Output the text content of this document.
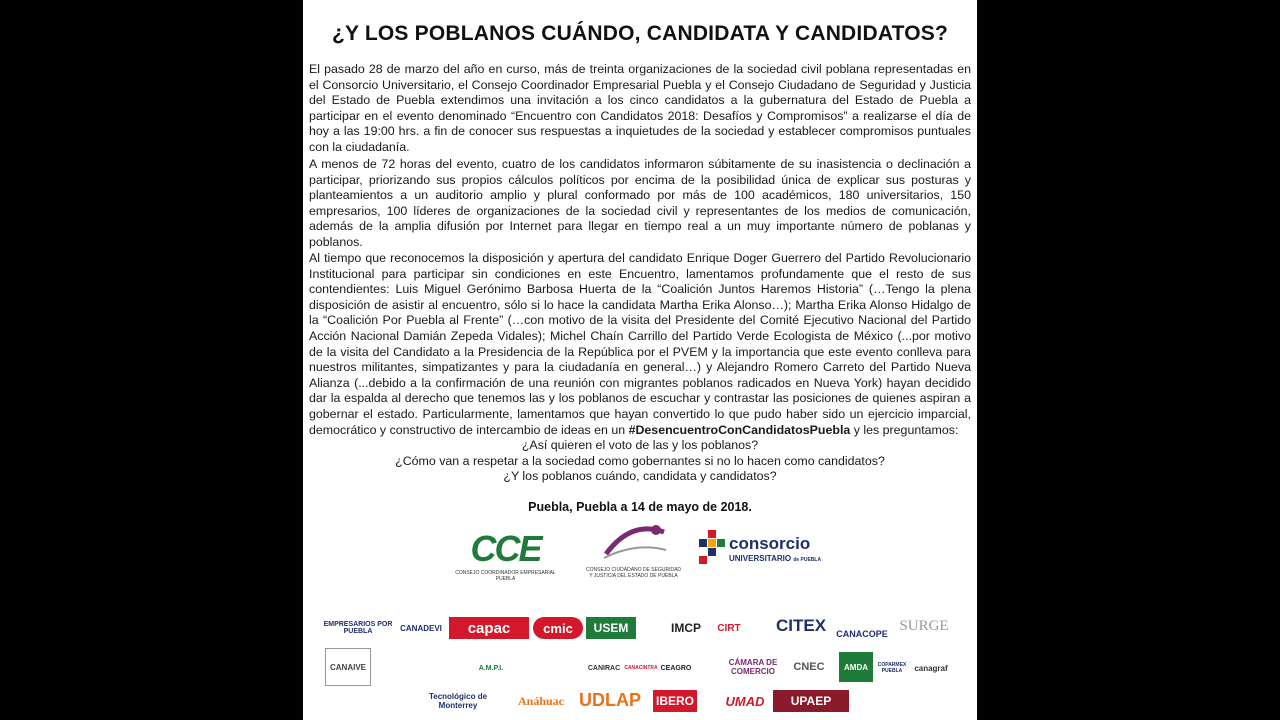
¿Y LOS POBLANOS CUÁNDO, CANDIDATA Y CANDIDATOS?
El pasado 28 de marzo del año en curso, más de treinta organizaciones de la sociedad civil poblana representadas en el Consorcio Universitario, el Consejo Coordinador Empresarial Puebla y el Consejo Ciudadano de Seguridad y Justicia del Estado de Puebla extendimos una invitación a los cinco candidatos a la gubernatura del Estado de Puebla a participar en el evento denominado “Encuentro con Candidatos 2018: Desafíos y Compromisos” a realizarse el día de hoy a las 19:00 hrs. a fin de conocer sus respuestas a inquietudes de la sociedad y establecer compromisos puntuales con la ciudadanía.
A menos de 72 horas del evento, cuatro de los candidatos informaron súbitamente de su inasistencia o declinación a participar, priorizando sus propios cálculos políticos por encima de la posibilidad única de explicar sus posturas y planteamientos a un auditorio amplio y plural conformado por más de 100 académicos, 180 universitarios, 150 empresarios, 100 líderes de organizaciones de la sociedad civil y representantes de los medios de comunicación, además de la amplia difusión por Internet para llegar en tiempo real a un muy importante número de poblanas y poblanos.
Al tiempo que reconocemos la disposición y apertura del candidato Enrique Doger Guerrero del Partido Revolucionario Institucional para participar sin condiciones en este Encuentro, lamentamos profundamente que el resto de sus contendientes: Luis Miguel Gerónimo Barbosa Huerta de la “Coalición Juntos Haremos Historia” (…Tengo la plena disposición de asistir al encuentro, sólo si lo hace la candidata Martha Erika Alonso…); Martha Erika Alonso Hidalgo de la “Coalición Por Puebla al Frente” (…con motivo de la visita del Presidente del Comité Ejecutivo Nacional del Partido Acción Nacional Damián Zepeda Vidales); Michel Chaín Carrillo del Partido Verde Ecologista de México (...por motivo de la visita del Candidato a la Presidencia de la República por el PVEM y la importancia que este evento conlleva para nuestros militantes, simpatizantes y para la ciudadanía en general…) y Alejandro Romero Carreto del Partido Nueva Alianza (...debido a la confirmación de una reunión con migrantes poblanos radicados en Nueva York) hayan decidido dar la espalda al derecho que tenemos las y los poblanos de escuchar y contrastar las posiciones de quienes aspiran a gobernar el estado. Particularmente, lamentamos que hayan convertido lo que pudo haber sido un ejercicio imparcial, democrático y constructivo de intercambio de ideas en un #DesencuentroConCandidatosPuebla y les preguntamos:
¿Así quieren el voto de las y los poblanos?
¿Cómo van a respetar a la sociedad como gobernantes si no lo hacen como candidatos?
¿Y los poblanos cuándo, candidata y candidatos?
Puebla, Puebla a 14 de mayo de 2018.
CCE
CONSEJO COORDINADOR EMPRESARIAL PUEBLA
CONSEJO CIUDADANO DE SEGURIDAD Y JUSTICIA DEL ESTADO DE PUEBLA
consorcio
UNIVERSITARIO de PUEBLA
EMPRESARIOS POR PUEBLA	CANADEVI	capac	cmic	USEM	IMCP	CIRT	CITEX	CANACOPE
SURGE
CANAIVE	A.M.P.I.	CANIRAC CANACINTRA CEAGRO
CÁMARA DE COMERCIO	CNEC	AMDA	COPARMEX PUEBLA	canagraf
Tecnológico de Monterrey	Anáhuac UDLAP	IBERO	UMAD	UPAEP
